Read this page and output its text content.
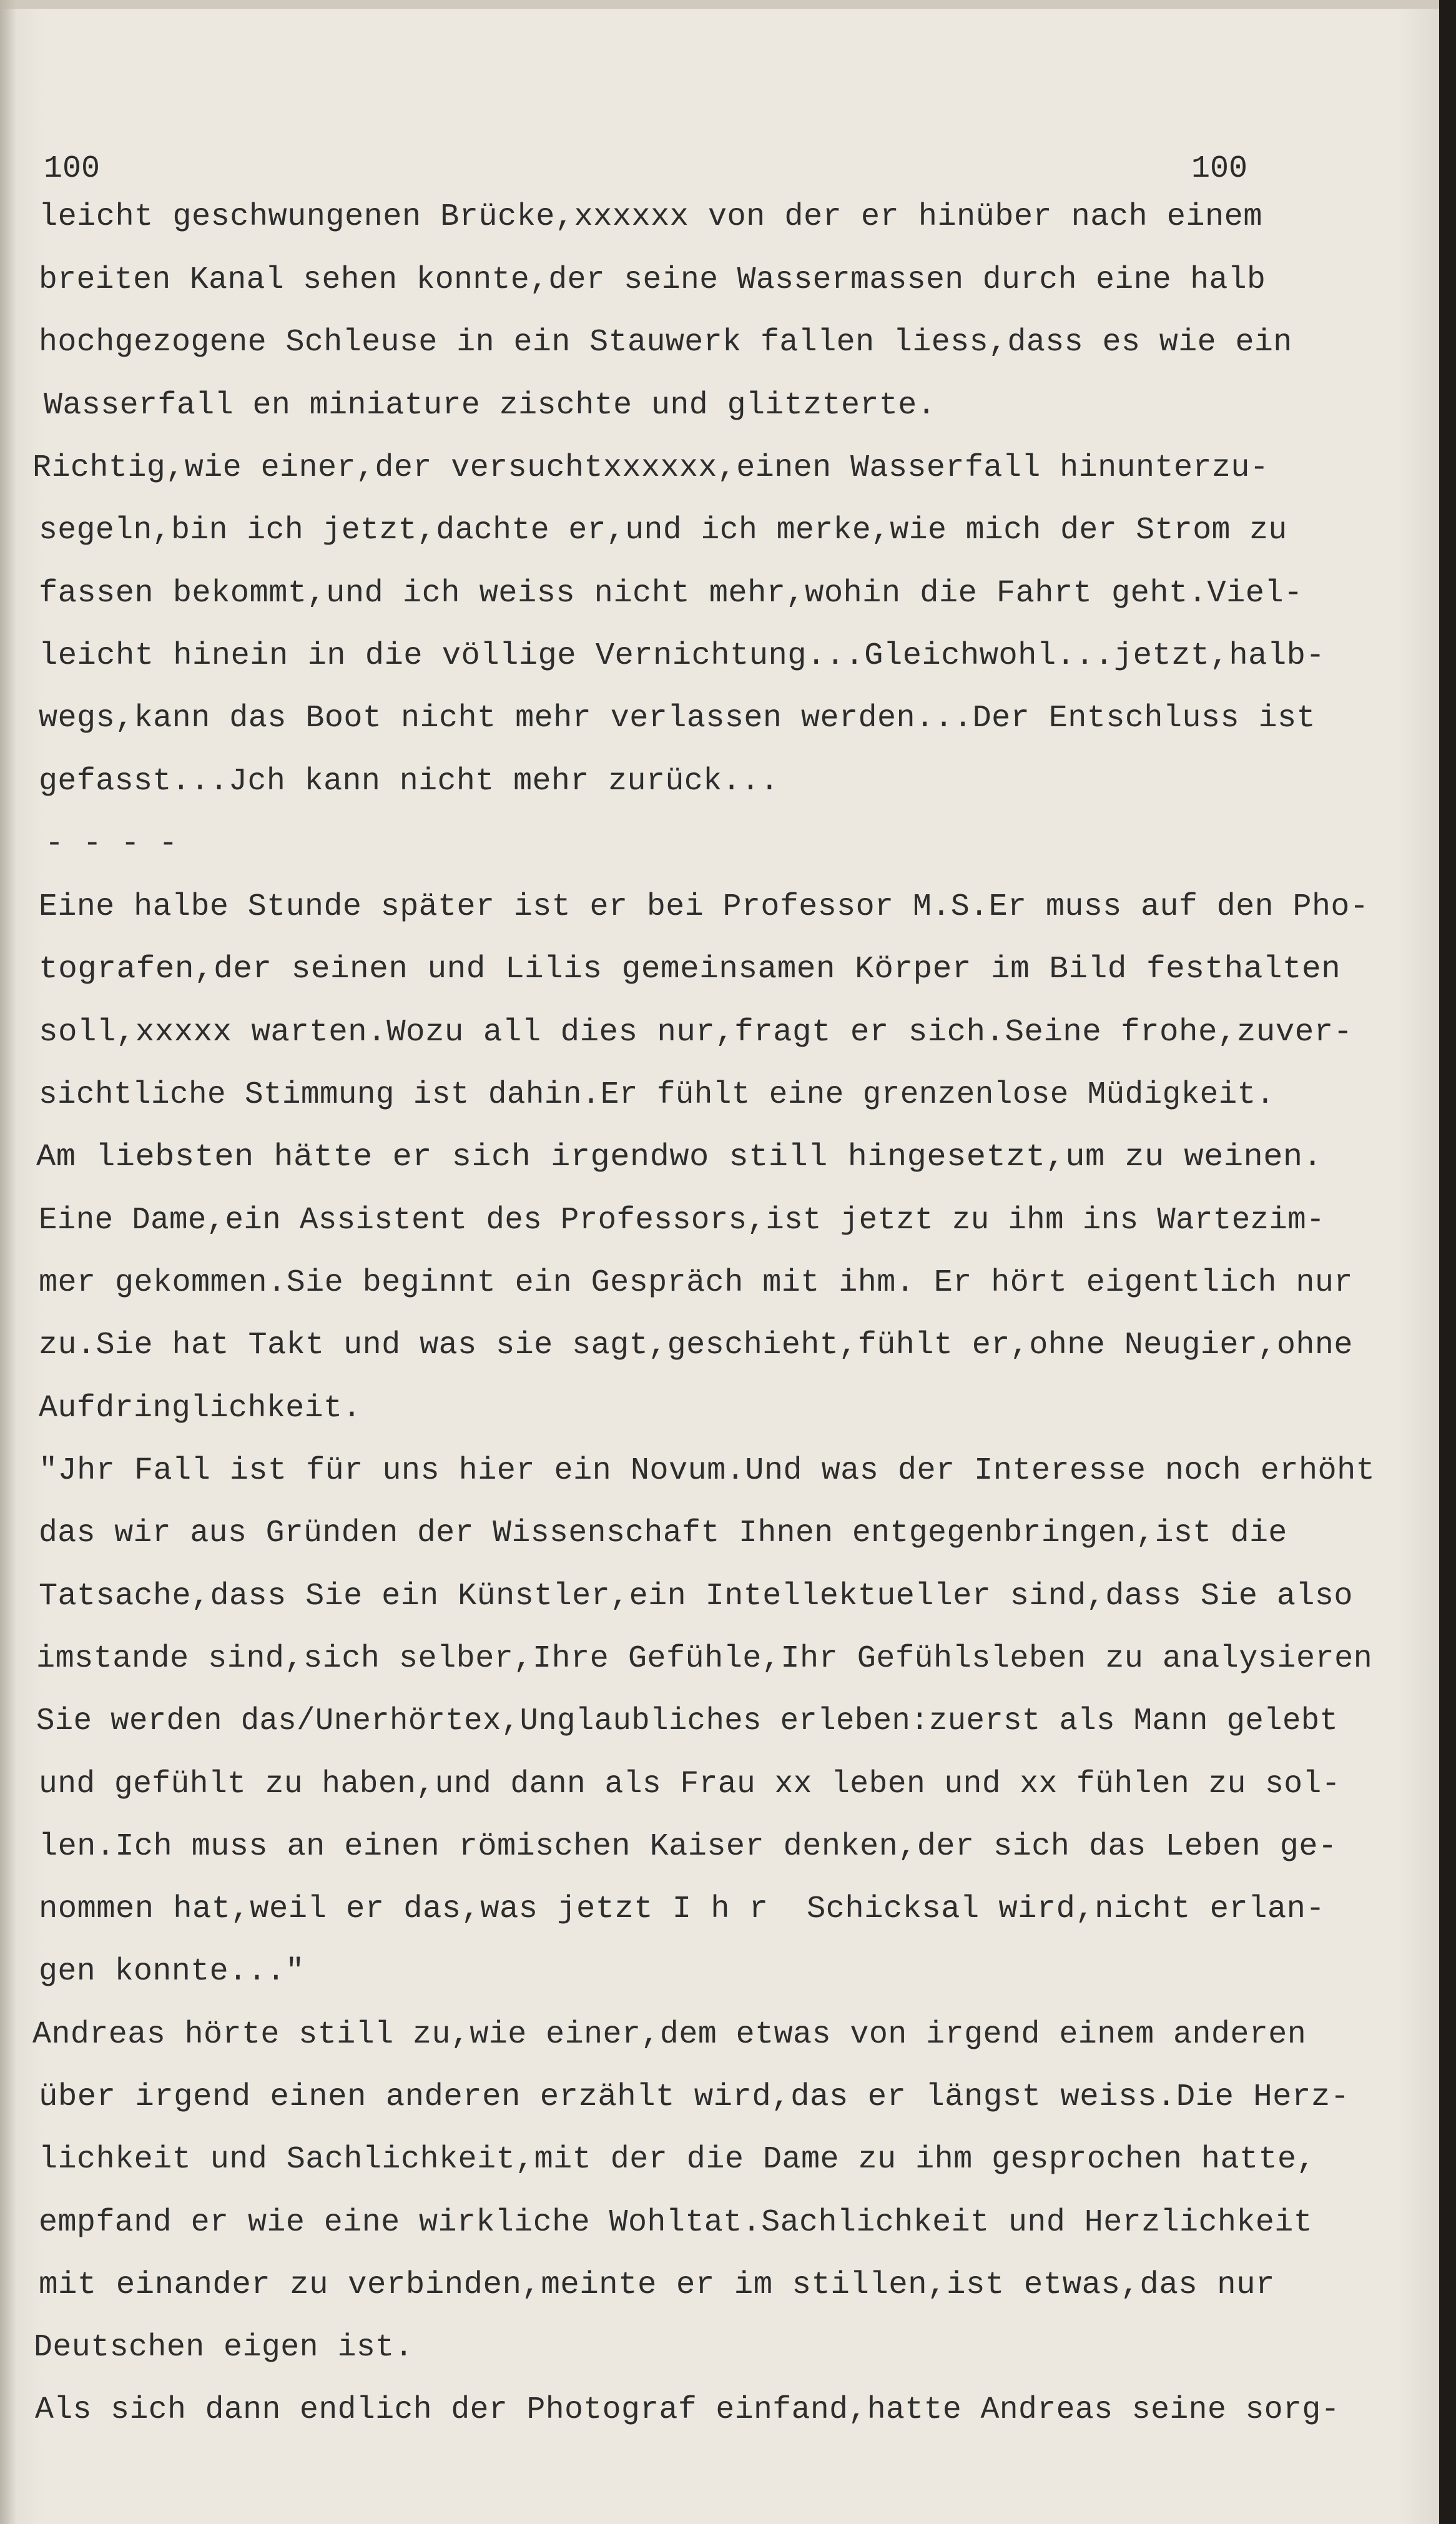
100	100
leicht geschwungenen Brücke,xxxxxx von der er hinüber nach einem
breiten Kanal sehen konnte,der seine Wassermassen durch eine halb
hochgezogene Schleuse in ein Stauwerk fallen liess,dass es wie ein
Wasserfall en miniature zischte und glitzterte.
Richtig,wie einer,der versuchtxxxxxx,einen Wasserfall hinunterzu-
segeln,bin ich jetzt,dachte er,und ich merke,wie mich der Strom zu
fassen bekommt,und ich weiss nicht mehr,wohin die Fahrt geht.Viel-
leicht hinein in die völlige Vernichtung...Gleichwohl...jetzt,halb-
wegs,kann das Boot nicht mehr verlassen werden...Der Entschluss ist
gefasst...Jch kann nicht mehr zurück...
- - - -
Eine halbe Stunde später ist er bei Professor M.S.Er muss auf den Pho-
tografen,der seinen und Lilis gemeinsamen Körper im Bild festhalten
soll,xxxxx warten.Wozu all dies nur,fragt er sich.Seine frohe,zuver-
sichtliche Stimmung ist dahin.Er fühlt eine grenzenlose Müdigkeit.
Am liebsten hätte er sich irgendwo still hingesetzt,um zu weinen.
Eine Dame,ein Assistent des Professors,ist jetzt zu ihm ins Wartezim-
mer gekommen.Sie beginnt ein Gespräch mit ihm. Er hört eigentlich nur
zu.Sie hat Takt und was sie sagt,geschieht,fühlt er,ohne Neugier,ohne
Aufdringlichkeit.
"Jhr Fall ist für uns hier ein Novum.Und was der Interesse noch erhöht
das wir aus Gründen der Wissenschaft Ihnen entgegenbringen,ist die
Tatsache,dass Sie ein Künstler,ein Intellektueller sind,dass Sie also
imstande sind,sich selber,Ihre Gefühle,Ihr Gefühlsleben zu analysieren
Sie werden das/Unerhörtex,Unglaubliches erleben:zuerst als Mann gelebt
und gefühlt zu haben,und dann als Frau xx leben und xx fühlen zu sol-
len.Ich muss an einen römischen Kaiser denken,der sich das Leben ge-
nommen hat,weil er das,was jetzt I h r  Schicksal wird,nicht erlan-
gen konnte..."
Andreas hörte still zu,wie einer,dem etwas von irgend einem anderen
über irgend einen anderen erzählt wird,das er längst weiss.Die Herz-
lichkeit und Sachlichkeit,mit der die Dame zu ihm gesprochen hatte,
empfand er wie eine wirkliche Wohltat.Sachlichkeit und Herzlichkeit
mit einander zu verbinden,meinte er im stillen,ist etwas,das nur
Deutschen eigen ist.
Als sich dann endlich der Photograf einfand,hatte Andreas seine sorg-
